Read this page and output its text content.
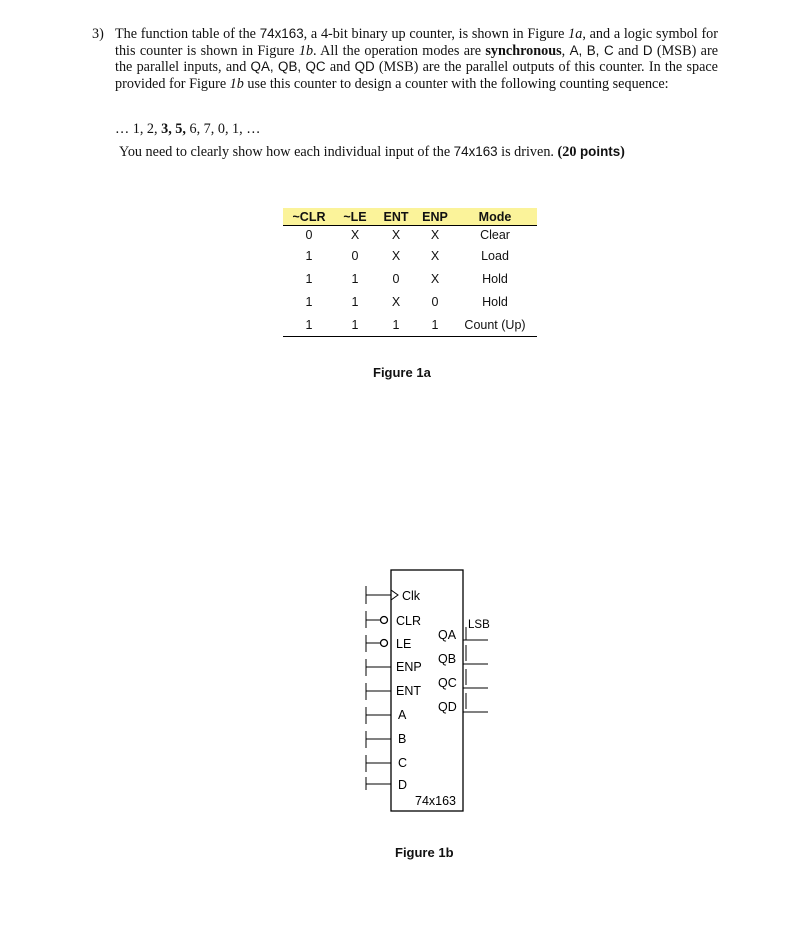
3) The function table of the 74x163, a 4-bit binary up counter, is shown in Figure 1a, and a logic symbol for this counter is shown in Figure 1b. All the operation modes are synchronous, A, B, C and D (MSB) are the parallel inputs, and QA, QB, QC and QD (MSB) are the parallel outputs of this counter. In the space provided for Figure 1b use this counter to design a counter with the following counting sequence:
… 1, 2, 3, 5, 6, 7, 0, 1, …
You need to clearly show how each individual input of the 74x163 is driven. (20 points)
~CLR	~LE	ENT	ENP	Mode
0	X	X	X	Clear
1	0	X	X	Load
1	1	0	X	Hold
1	1	X	0	Hold
1	1	1	1	Count (Up)
Figure 1a
Clk
CLR
LE
ENP
ENT
A
B
C
D
QA
QB
QC
QD
LSB
74x163
Figure 1b
